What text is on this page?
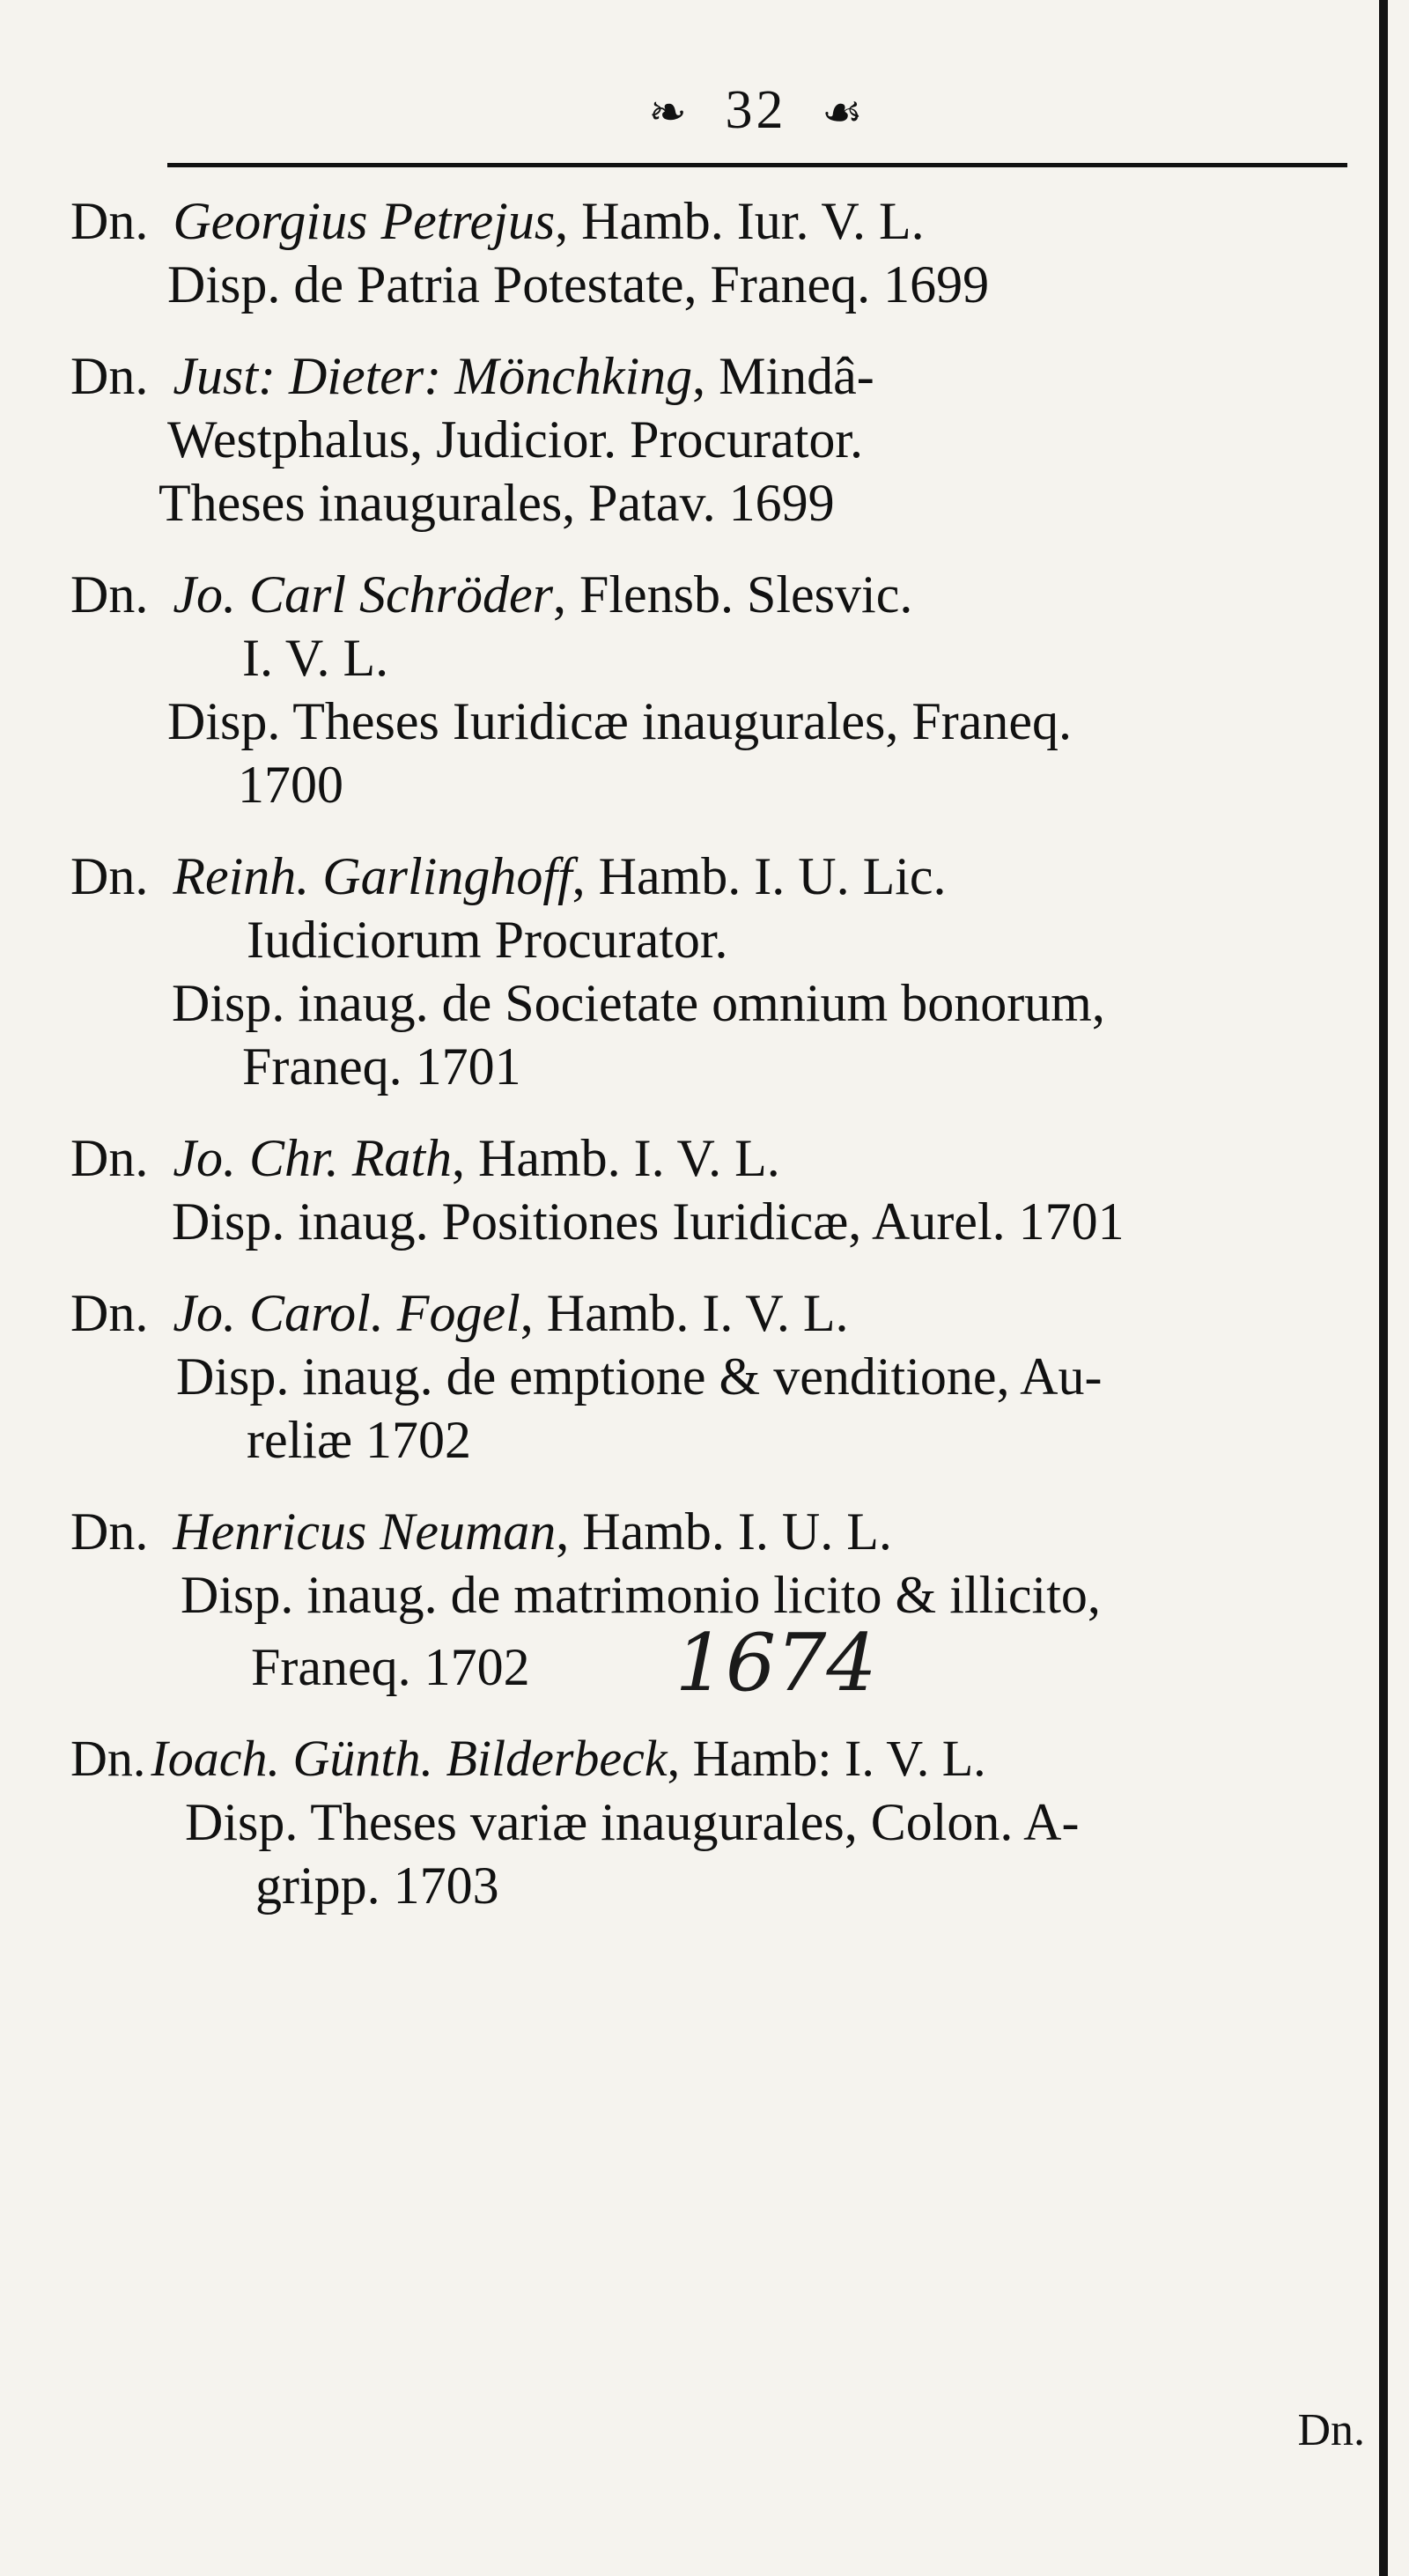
❧ 32 ☙
Dn. Georgius Petrejus, Hamb. Iur. V. L.
Disp. de Patria Potestate, Franeq. 1699
Dn. Just: Dieter: Mönchking, Mindâ-
Westphalus, Judicior. Procurator.
Theses inaugurales, Patav. 1699
Dn. Jo. Carl Schröder, Flensb. Slesvic.
I. V. L.
Disp. Theses Iuridicæ inaugurales, Franeq.
1700
Dn. Reinh. Garlinghoff, Hamb. I. U. Lic.
Iudiciorum Procurator.
Disp. inaug. de Societate omnium bonorum,
Franeq. 1701
Dn. Jo. Chr. Rath, Hamb. I. V. L.
Disp. inaug. Positiones Iuridicæ, Aurel. 1701
Dn. Jo. Carol. Fogel, Hamb. I. V. L.
Disp. inaug. de emptione & venditione, Au-
reliæ 1702
Dn. Henricus Neuman, Hamb. I. U. L.
Disp. inaug. de matrimonio licito & illicito,
Franeq. 1702 1674
Dn. Ioach. Günth. Bilderbeck, Hamb: I. V. L.
Disp. Theses variæ inaugurales, Colon. A-
gripp. 1703
Dn.
